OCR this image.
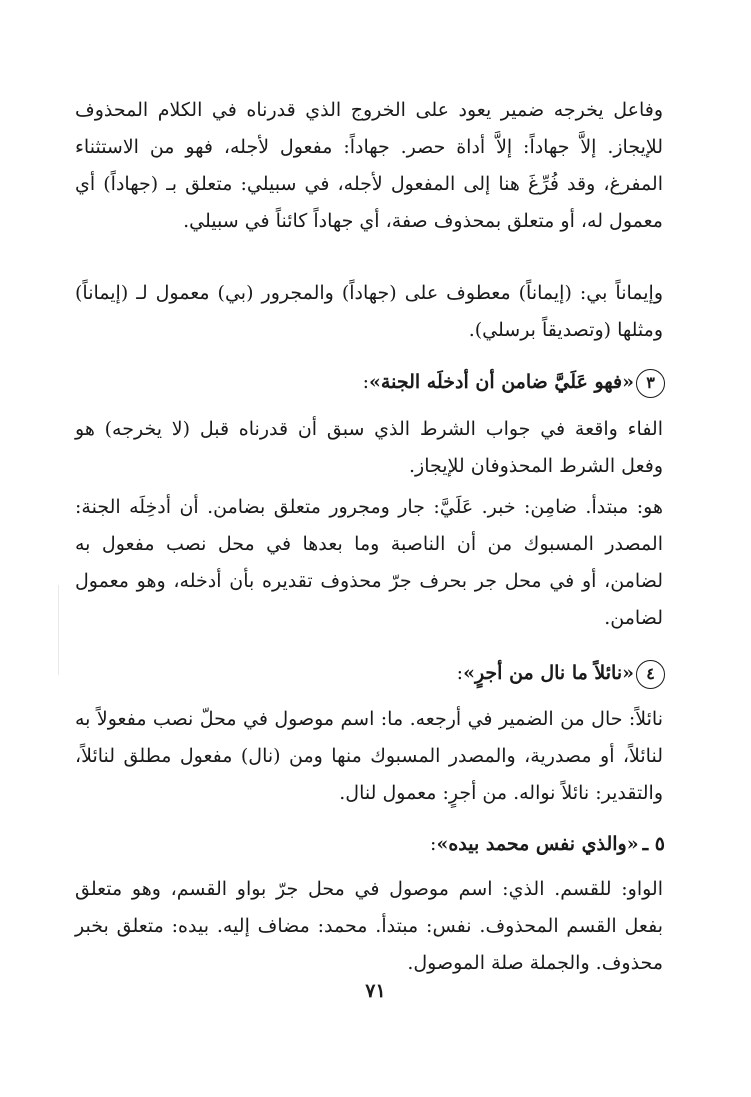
وفاعل يخرجه ضمير يعود على الخروج الذي قدرناه في الكلام المحذوف للإيجاز. إلاَّ جهاداً: إلاَّ أداة حصر. جهاداً: مفعول لأجله، فهو من الاستثناء المفرغ، وقد فُرِّغَ هنا إلى المفعول لأجله، في سبيلي: متعلق بـ (جهاداً) أي معمول له، أو متعلق بمحذوف صفة، أي جهاداً كائناً في سبيلي.

وإيماناً بي: (إيماناً) معطوف على (جهاداً) والمجرور (بي) معمول لـ (إيماناً) ومثلها (وتصديقاً برسلي).

٣«فهو عَلَيَّ ضامن أن أدخلَه الجنة»:

الفاء واقعة في جواب الشرط الذي سبق أن قدرناه قبل (لا يخرجه) هو وفعل الشرط المحذوفان للإيجاز.

هو: مبتدأ. ضامِن: خبر. عَلَيَّ: جار ومجرور متعلق بضامن. أن أدخِلَه الجنة: المصدر المسبوك من أن الناصبة وما بعدها في محل نصب مفعول به لضامن، أو في محل جر بحرف جرّ محذوف تقديره بأن أدخله، وهو معمول لضامن.

٤«نائلاً ما نال من أجرٍ»:

نائلاً: حال من الضمير في أرجعه. ما: اسم موصول في محلّ نصب مفعولاً به لنائلاً، أو مصدرية، والمصدر المسبوك منها ومن (نال) مفعول مطلق لنائلاً، والتقدير: نائلاً نواله. من أجرٍ: معمول لنال.

٥ ـ«والذي نفس محمد بيده»:

الواو: للقسم. الذي: اسم موصول في محل جرّ بواو القسم، وهو متعلق بفعل القسم المحذوف. نفس: مبتدأ. محمد: مضاف إليه. بيده: متعلق بخبر محذوف. والجملة صلة الموصول.

٧١
